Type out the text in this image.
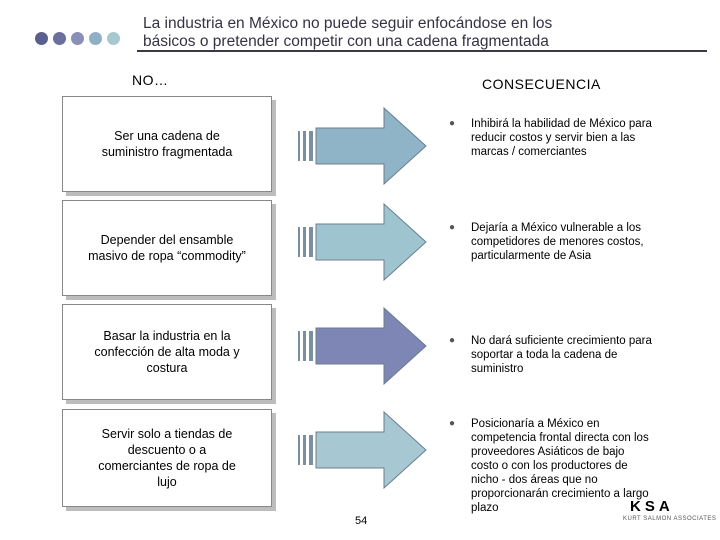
La industria en México no puede seguir enfocándose en los
básicos o pretender competir con una cadena fragmentada
NO…	CONSECUENCIA
Ser una cadena de suministro fragmentada
●	Inhibirá la habilidad de México para reducir costos y servir bien a las marcas / comerciantes
Depender del ensamble masivo de ropa “commodity”
●	Dejaría a México vulnerable a los competidores de menores costos, particularmente de Asia
Basar la industria en la confección de alta moda y costura
●	No dará suficiente crecimiento para soportar a toda la cadena de suministro
Servir solo a tiendas de descuento o a comerciantes de ropa de lujo
●	Posicionaría a México en competencia frontal directa con los proveedores Asiáticos de bajo costo o con los productores de nicho - dos áreas que no proporcionarán crecimiento a largo plazo
54
KSA
KURT SALMON ASSOCIATES
